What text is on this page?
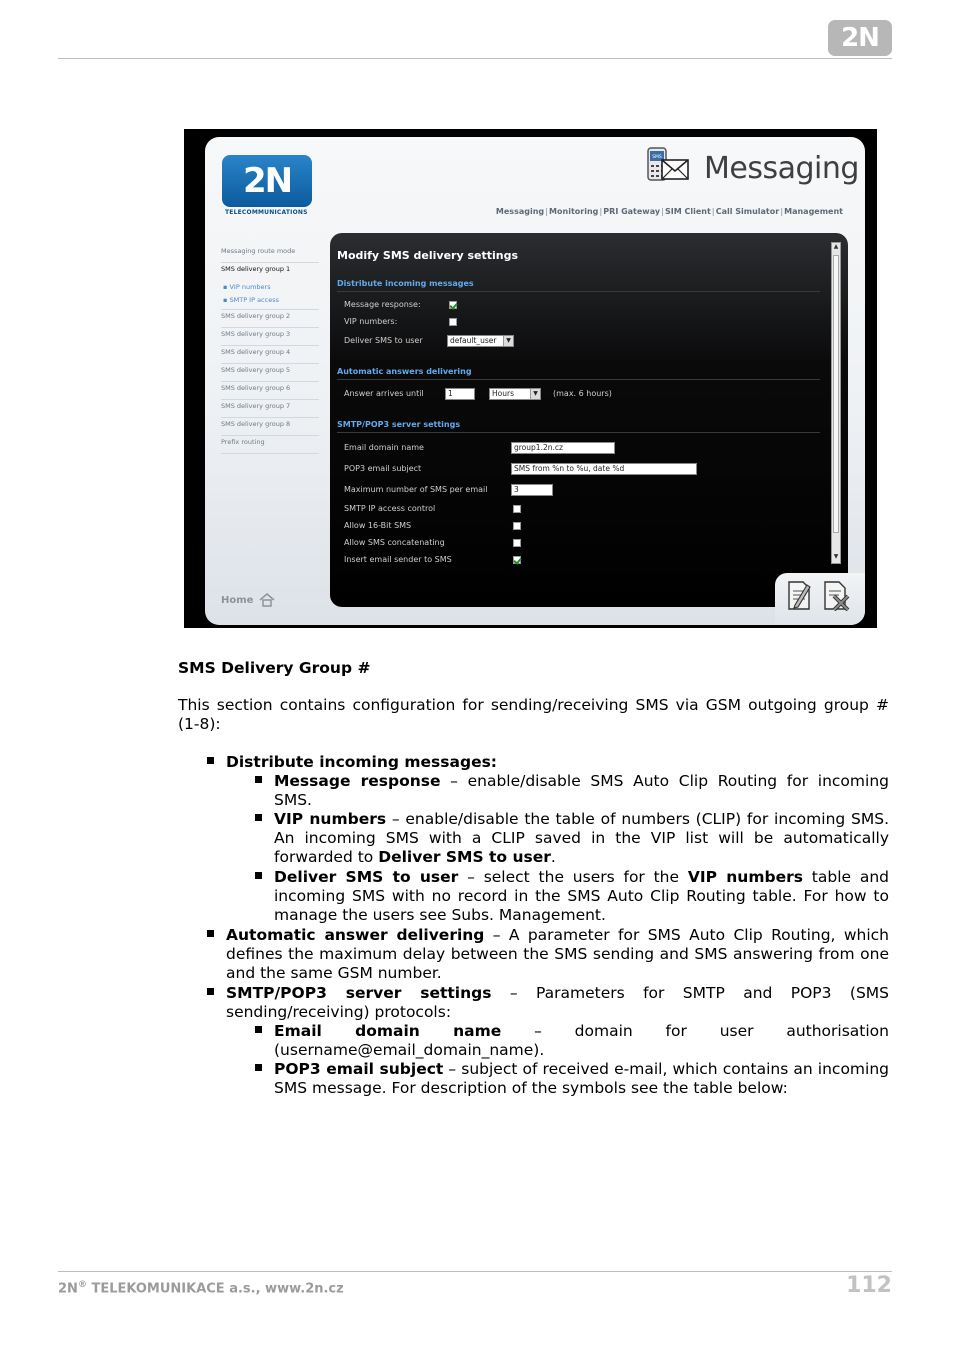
2N
2N
TELECOMMUNICATIONS
SMS Messaging
Messaging|Monitoring|PRI Gateway|SIM Client|Call Simulator|Management
Messaging route mode
SMS delivery group 1
▪ VIP numbers
▪ SMTP IP access
SMS delivery group 2
SMS delivery group 3
SMS delivery group 4
SMS delivery group 5
SMS delivery group 6
SMS delivery group 7
SMS delivery group 8
Prefix routing
Home
Modify SMS delivery settings
Distribute incoming messages
Message response:
VIP numbers:
Deliver SMS to user	default_user	▼
Automatic answers delivering
Answer arrives until	1	Hours	▼ (max. 6 hours)
SMTP/POP3 server settings
Email domain name	group1.2n.cz
POP3 email subject	SMS from %n to %u, date %d
Maximum number of SMS per email	3
SMTP IP access control
Allow 16-Bit SMS
Allow SMS concatenating
Insert email sender to SMS
▲
▼
SMS Delivery Group #
This section contains configuration for sending/receiving SMS via GSM outgoing group # (1-8):
Distribute incoming messages:
Message response – enable/disable SMS Auto Clip Routing for incoming SMS.
VIP numbers – enable/disable the table of numbers (CLIP) for incoming SMS. An incoming SMS with a CLIP saved in the VIP list will be automatically forwarded to Deliver SMS to user.
Deliver SMS to user – select the users for the VIP numbers table and incoming SMS with no record in the SMS Auto Clip Routing table. For how to manage the users see Subs. Management.
Automatic answer delivering – A parameter for SMS Auto Clip Routing, which defines the maximum delay between the SMS sending and SMS answering from one and the same GSM number.
SMTP/POP3 server settings – Parameters for SMTP and POP3 (SMS sending/receiving) protocols:
Email domain name – domain for user authorisation (username@email_domain_name).
POP3 email subject – subject of received e-mail, which contains an incoming SMS message. For description of the symbols see the table below:
2N® TELEKOMUNIKACE a.s., www.2n.cz	112
